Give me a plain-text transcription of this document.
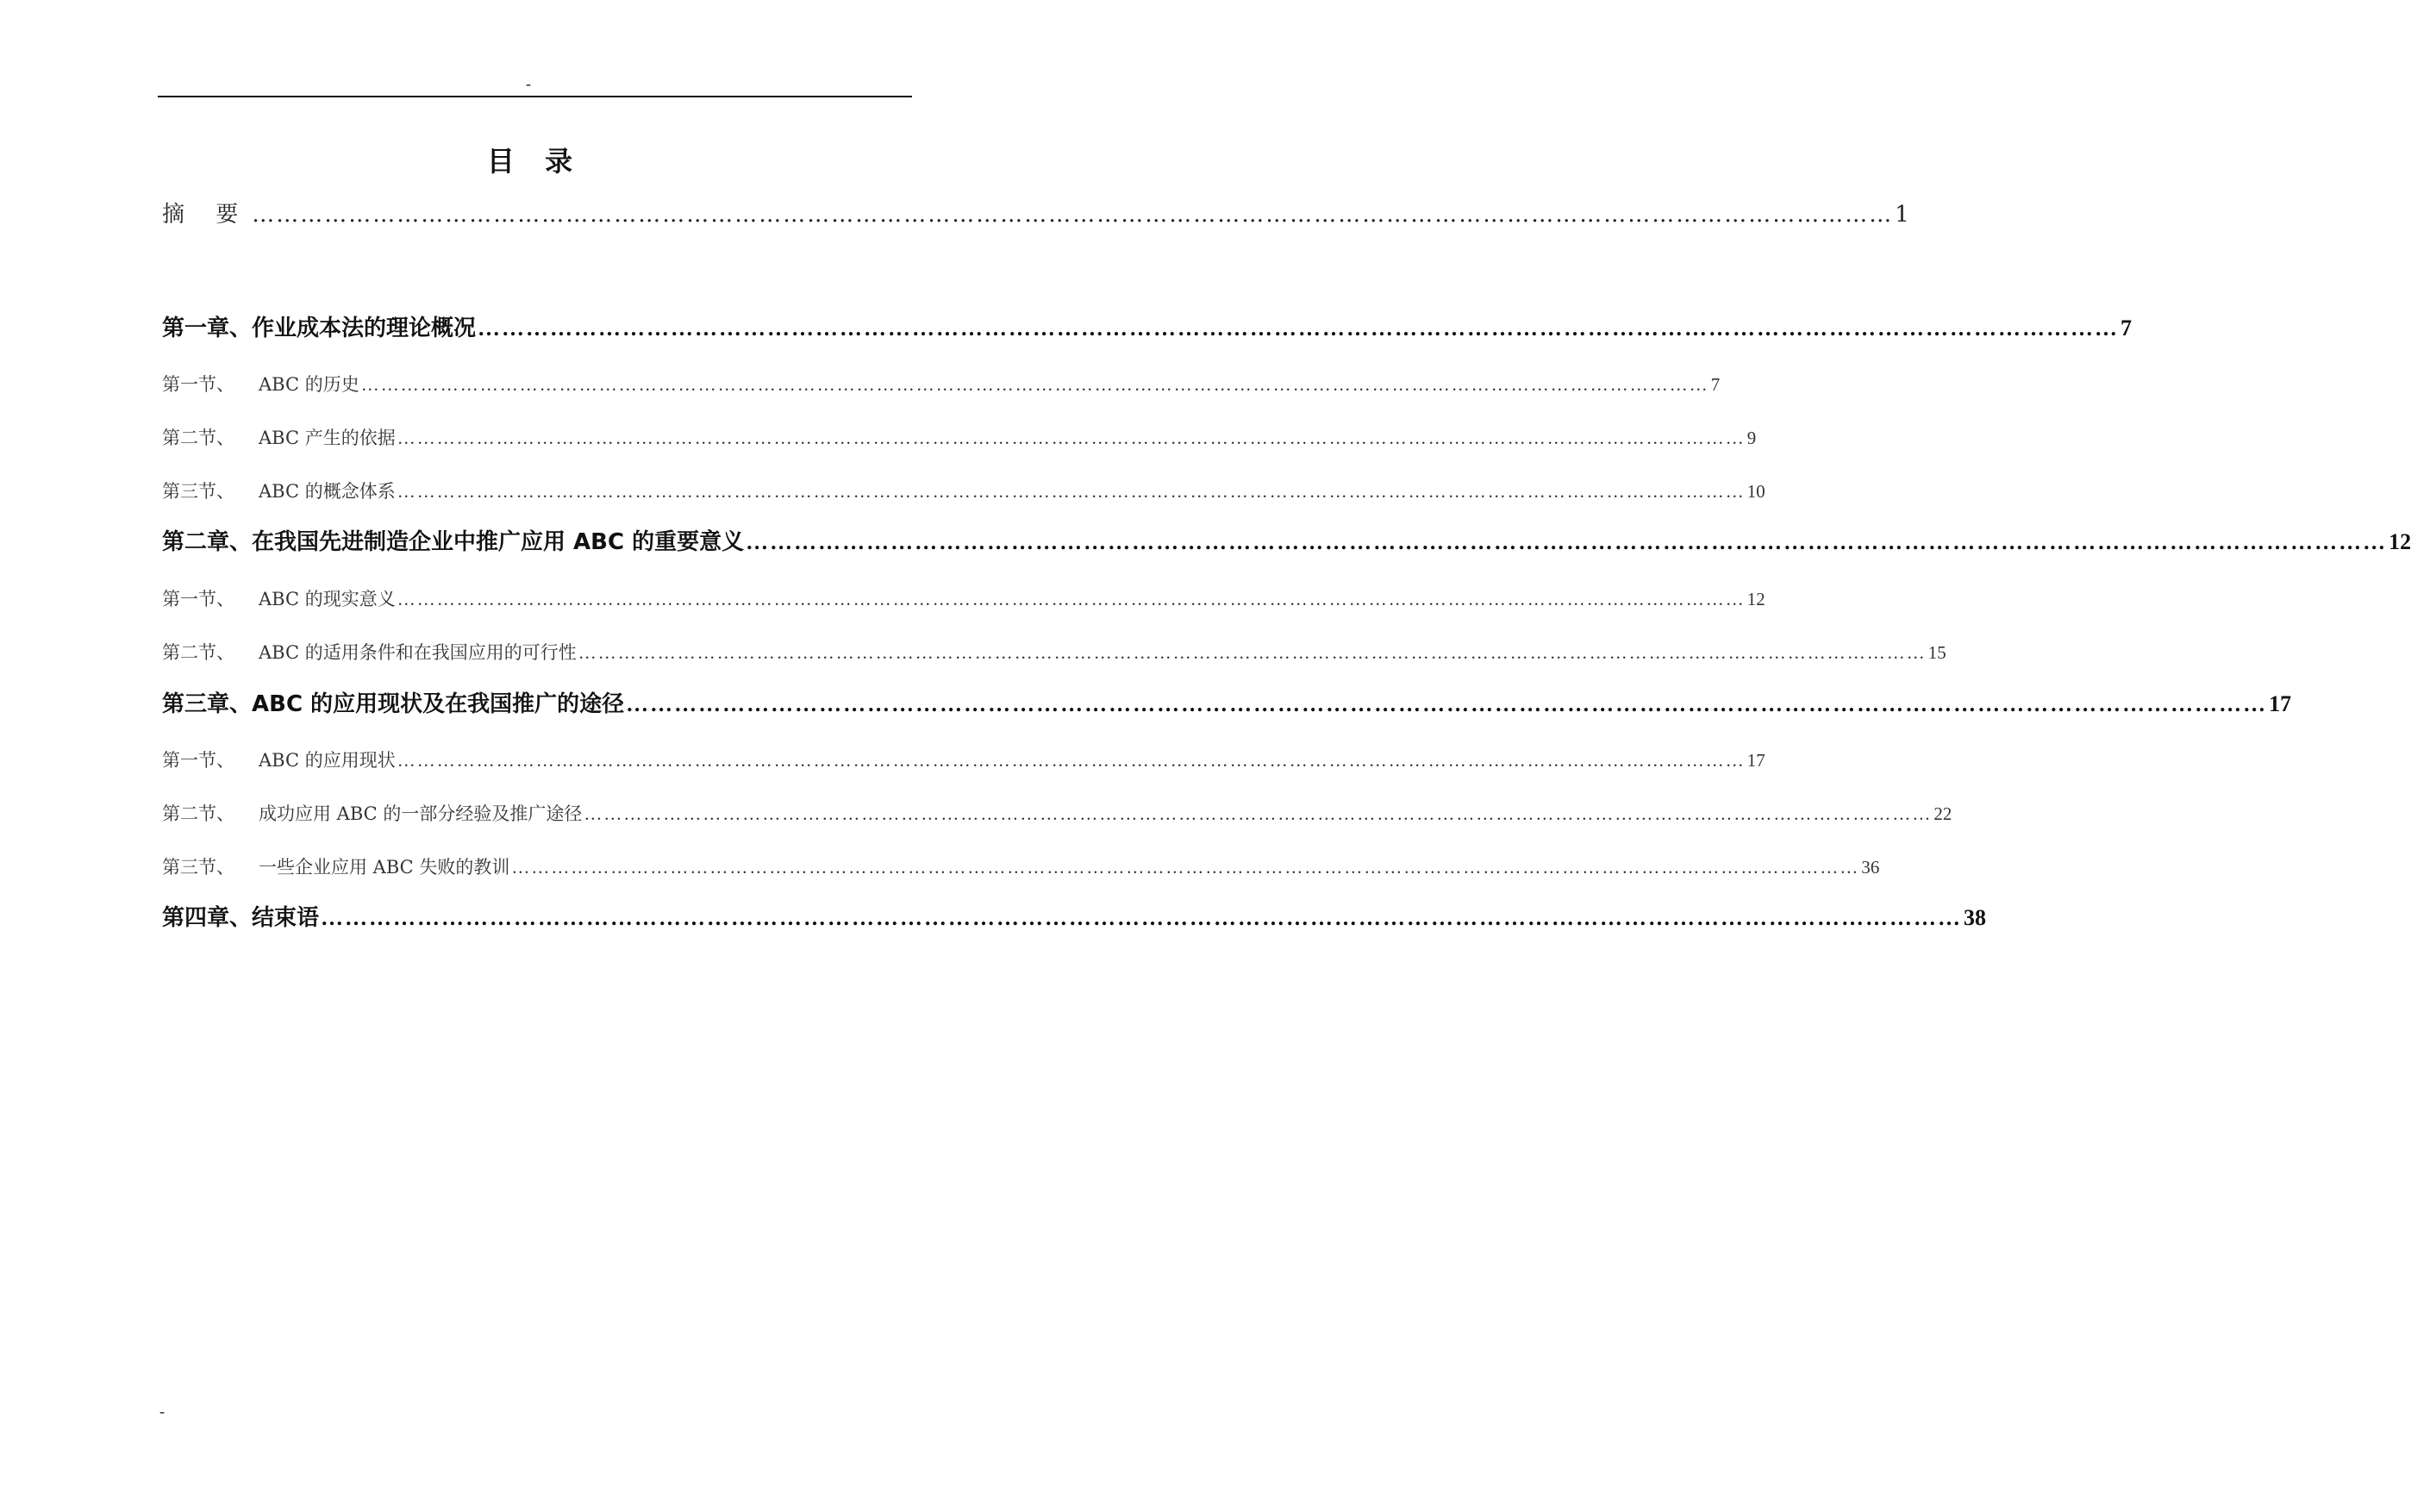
-
目 录
摘 要 …………………………………………………………………………………………………………………………………………………………………………………… 1
第一章、作业成本法的理论概况 …………………………………………………………………………………………………………………………………………………………………………………… 7
第一节、 ABC 的历史 …………………………………………………………………………………………………………………………………………………………………………………… 7
第二节、 ABC 产生的依据 …………………………………………………………………………………………………………………………………………………………………………………… 9
第三节、 ABC 的概念体系 …………………………………………………………………………………………………………………………………………………………………………………… 10
第二章、在我国先进制造企业中推广应用 ABC 的重要意义 …………………………………………………………………………………………………………………………………………………………………………………… 12
第一节、 ABC 的现实意义 …………………………………………………………………………………………………………………………………………………………………………………… 12
第二节、 ABC 的适用条件和在我国应用的可行性 …………………………………………………………………………………………………………………………………………………………………………………… 15
第三章、ABC 的应用现状及在我国推广的途径 …………………………………………………………………………………………………………………………………………………………………………………… 17
第一节、 ABC 的应用现状 …………………………………………………………………………………………………………………………………………………………………………………… 17
第二节、 成功应用 ABC 的一部分经验及推广途径 …………………………………………………………………………………………………………………………………………………………………………………… 22
第三节、 一些企业应用 ABC 失败的教训 …………………………………………………………………………………………………………………………………………………………………………………… 36
第四章、结束语 …………………………………………………………………………………………………………………………………………………………………………………… 38
-
